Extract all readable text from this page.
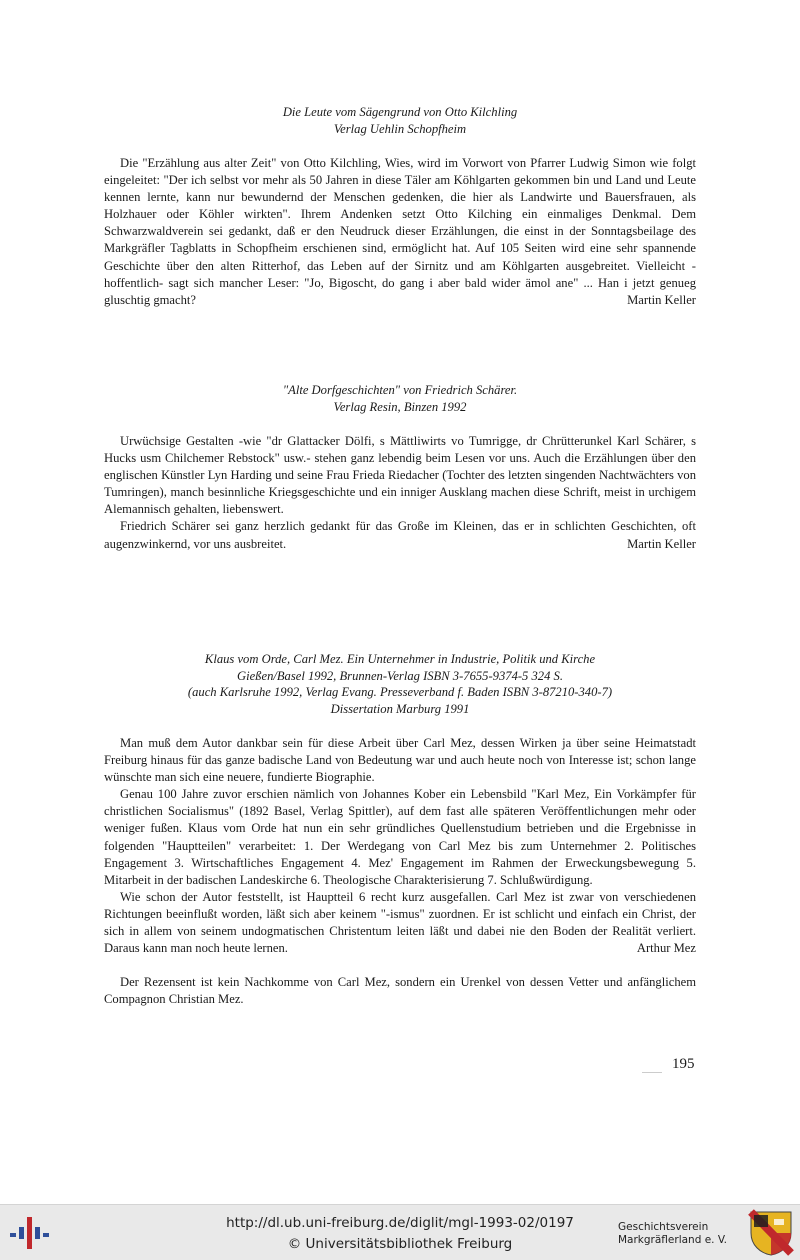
Die Leute vom Sägengrund von Otto Kilchling
Verlag Uehlin Schopfheim

Die "Erzählung aus alter Zeit" von Otto Kilchling, Wies, wird im Vorwort von Pfarrer Ludwig Simon wie folgt eingeleitet: "Der ich selbst vor mehr als 50 Jahren in diese Täler am Köhlgarten gekommen bin und Land und Leute kennen lernte, kann nur bewundernd der Menschen gedenken, die hier als Landwirte und Bauersfrauen, als Holzhauer oder Köhler wirkten". Ihrem Andenken setzt Otto Kilching ein einmaliges Denkmal. Dem Schwarzwaldverein sei gedankt, daß er den Neudruck dieser Erzählungen, die einst in der Sonntagsbeilage des Markgräfler Tagblatts in Schopfheim erschienen sind, ermöglicht hat. Auf 105 Seiten wird eine sehr spannende Geschichte über den alten Ritterhof, das Leben auf der Sirnitz und am Köhlgarten ausgebreitet. Vielleicht -hoffentlich- sagt sich mancher Leser: "Jo, Bigoscht, do gang i aber bald wider ämol ane" ... Han i jetzt genueg gluschtig gmacht?	Martin Keller

"Alte Dorfgeschichten" von Friedrich Schärer.
Verlag Resin, Binzen 1992

Urwüchsige Gestalten -wie "dr Glattacker Dölfi, s Mättliwirts vo Tumrigge, dr Chrütterunkel Karl Schärer, s Hucks usm Chilchemer Rebstock" usw.- stehen ganz lebendig beim Lesen vor uns. Auch die Erzählungen über den englischen Künstler Lyn Harding und seine Frau Frieda Riedacher (Tochter des letzten singenden Nachtwächters von Tumringen), manch besinnliche Kriegsgeschichte und ein inniger Ausklang machen diese Schrift, meist in urchigem Alemannisch gehalten, liebenswert.

Friedrich Schärer sei ganz herzlich gedankt für das Große im Kleinen, das er in schlichten Geschichten, oft augenzwinkernd, vor uns ausbreitet.	Martin Keller

Klaus vom Orde, Carl Mez. Ein Unternehmer in Industrie, Politik und Kirche
Gießen/Basel 1992, Brunnen-Verlag ISBN 3-7655-9374-5 324 S.
(auch Karlsruhe 1992, Verlag Evang. Presseverband f. Baden ISBN 3-87210-340-7)
Dissertation Marburg 1991

Man muß dem Autor dankbar sein für diese Arbeit über Carl Mez, dessen Wirken ja über seine Heimatstadt Freiburg hinaus für das ganze badische Land von Bedeutung war und auch heute noch von Interesse ist; schon lange wünschte man sich eine neuere, fundierte Biographie.

Genau 100 Jahre zuvor erschien nämlich von Johannes Kober ein Lebensbild "Karl Mez, Ein Vorkämpfer für christlichen Socialismus" (1892 Basel, Verlag Spittler), auf dem fast alle späteren Veröffentlichungen mehr oder weniger fußen. Klaus vom Orde hat nun ein sehr gründliches Quellenstudium betrieben und die Ergebnisse in folgenden "Hauptteilen" verarbeitet: 1. Der Werdegang von Carl Mez bis zum Unternehmer 2. Politisches Engagement 3. Wirtschaftliches Engagement 4. Mez' Engagement im Rahmen der Erweckungsbewegung 5. Mitarbeit in der badischen Landeskirche 6. Theologische Charakterisierung 7. Schlußwürdigung.

Wie schon der Autor feststellt, ist Hauptteil 6 recht kurz ausgefallen. Carl Mez ist zwar von verschiedenen Richtungen beeinflußt worden, läßt sich aber keinem "-ismus" zuordnen. Er ist schlicht und einfach ein Christ, der sich in allem von seinem undogmatischen Christentum leiten läßt und dabei nie den Boden der Realität verliert. Daraus kann man noch heute lernen.	Arthur Mez

Der Rezensent ist kein Nachkomme von Carl Mez, sondern ein Urenkel von dessen Vetter und anfänglichem Compagnon Christian Mez.

195
http://dl.ub.uni-freiburg.de/diglit/mgl-1993-02/0197
© Universitätsbibliothek Freiburg
Geschichtsverein
Markgräflerland e. V.
